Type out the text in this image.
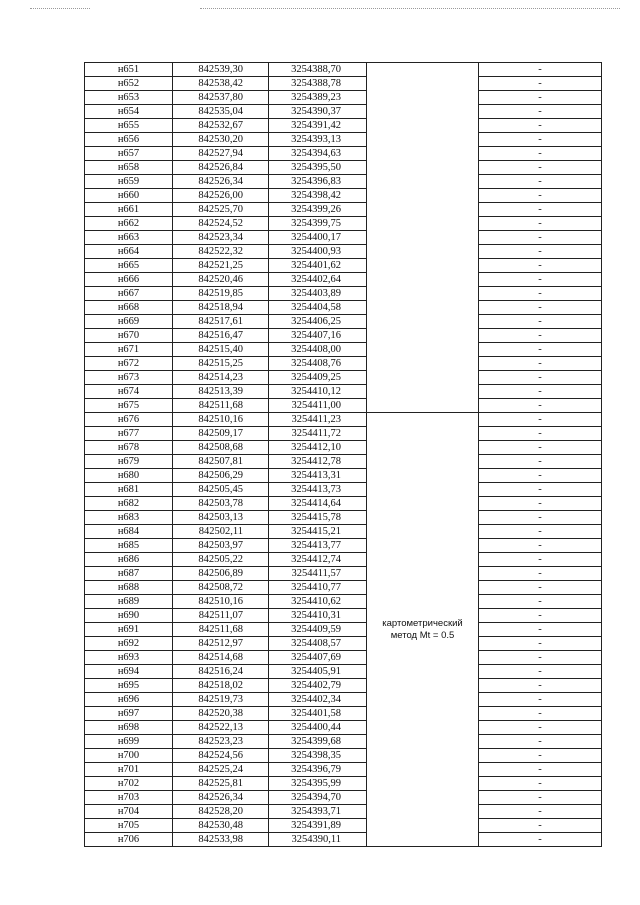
н651	842539,30	3254388,70		-
н652	842538,42	3254388,78		-
н653	842537,80	3254389,23		-
н654	842535,04	3254390,37		-
н655	842532,67	3254391,42		-
н656	842530,20	3254393,13		-
н657	842527,94	3254394,63		-
н658	842526,84	3254395,50		-
н659	842526,34	3254396,83		-
н660	842526,00	3254398,42		-
н661	842525,70	3254399,26		-
н662	842524,52	3254399,75		-
н663	842523,34	3254400,17		-
н664	842522,32	3254400,93		-
н665	842521,25	3254401,62		-
н666	842520,46	3254402,64		-
н667	842519,85	3254403,89		-
н668	842518,94	3254404,58		-
н669	842517,61	3254406,25		-
н670	842516,47	3254407,16		-
н671	842515,40	3254408,00		-
н672	842515,25	3254408,76		-
н673	842514,23	3254409,25		-
н674	842513,39	3254410,12		-
н675	842511,68	3254411,00		-
н676	842510,16	3254411,23	картометрический
метод Mt = 0.5	-
н677	842509,17	3254411,72		-
н678	842508,68	3254412,10		-
н679	842507,81	3254412,78		-
н680	842506,29	3254413,31		-
н681	842505,45	3254413,73		-
н682	842503,78	3254414,64		-
н683	842503,13	3254415,78		-
н684	842502,11	3254415,21		-
н685	842503,97	3254413,77		-
н686	842505,22	3254412,74		-
н687	842506,89	3254411,57		-
н688	842508,72	3254410,77		-
н689	842510,16	3254410,62		-
н690	842511,07	3254410,31		-
н691	842511,68	3254409,59		-
н692	842512,97	3254408,57		-
н693	842514,68	3254407,69		-
н694	842516,24	3254405,91		-
н695	842518,02	3254402,79		-
н696	842519,73	3254402,34		-
н697	842520,38	3254401,58		-
н698	842522,13	3254400,44		-
н699	842523,23	3254399,68		-
н700	842524,56	3254398,35		-
н701	842525,24	3254396,79		-
н702	842525,81	3254395,99		-
н703	842526,34	3254394,70		-
н704	842528,20	3254393,71		-
н705	842530,48	3254391,89		-
н706	842533,98	3254390,11		-
